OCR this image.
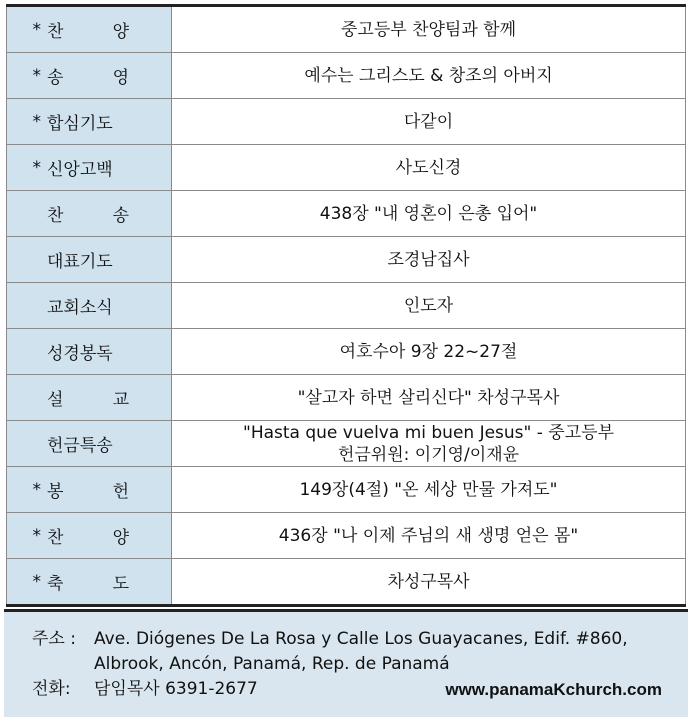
* 찬 양	중고등부 찬양팀과 함께

* 송 영	예수는 그리스도 & 창조의 아버지

* 합심기도	다같이

* 신앙고백	사도신경

찬 송	438장 "내 영혼이 은총 입어"

대표기도	조경남집사

교회소식	인도자

성경봉독	여호수아 9장 22~27절

설 교	"살고자 하면 살리신다" 차성구목사

헌금특송	"Hasta que vuelva mi buen Jesus" - 중고등부
헌금위원: 이기영/이재윤

* 봉 헌	149장(4절) "온 세상 만물 가져도"

* 찬 양	436장 "나 이제 주님의 새 생명 얻은 몸"

* 축 도	차성구목사
주소 :	Ave. Diógenes De La Rosa y Calle Los Guayacanes, Edif. #860,
Albrook, Ancón, Panamá, Rep. de Panamá
전화:	담임목사 6391-2677	www.panamaKchurch.com
